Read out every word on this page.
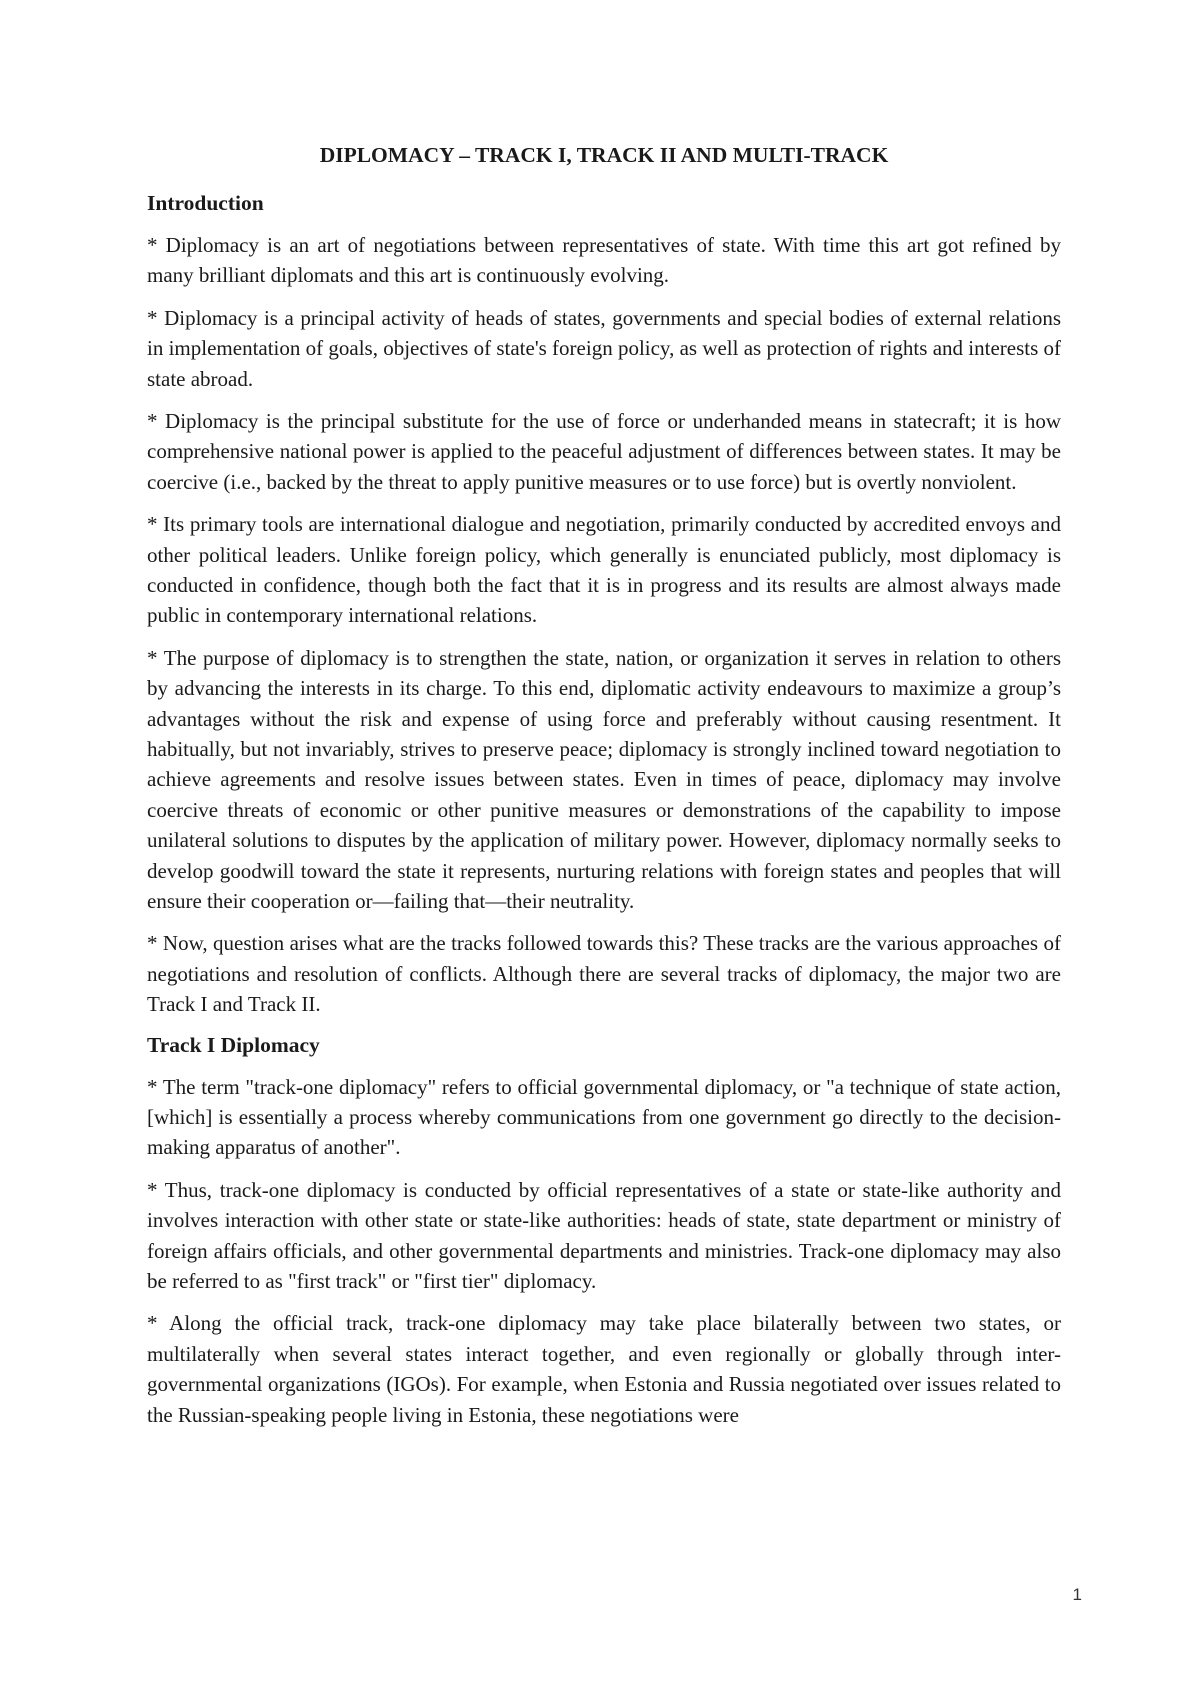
DIPLOMACY – TRACK I, TRACK II AND MULTI-TRACK
Introduction

* Diplomacy is an art of negotiations between representatives of state. With time this art got refined by many brilliant diplomats and this art is continuously evolving.

* Diplomacy is a principal activity of heads of states, governments and special bodies of external relations in implementation of goals, objectives of state's foreign policy, as well as protection of rights and interests of state abroad.

* Diplomacy is the principal substitute for the use of force or underhanded means in statecraft; it is how comprehensive national power is applied to the peaceful adjustment of differences between states. It may be coercive (i.e., backed by the threat to apply punitive measures or to use force) but is overtly nonviolent.

* Its primary tools are international dialogue and negotiation, primarily conducted by accredited envoys and other political leaders. Unlike foreign policy, which generally is enunciated publicly, most diplomacy is conducted in confidence, though both the fact that it is in progress and its results are almost always made public in contemporary international relations.

* The purpose of diplomacy is to strengthen the state, nation, or organization it serves in relation to others by advancing the interests in its charge. To this end, diplomatic activity endeavours to maximize a group’s advantages without the risk and expense of using force and preferably without causing resentment. It habitually, but not invariably, strives to preserve peace; diplomacy is strongly inclined toward negotiation to achieve agreements and resolve issues between states. Even in times of peace, diplomacy may involve coercive threats of economic or other punitive measures or demonstrations of the capability to impose unilateral solutions to disputes by the application of military power. However, diplomacy normally seeks to develop goodwill toward the state it represents, nurturing relations with foreign states and peoples that will ensure their cooperation or—failing that—their neutrality.

* Now, question arises what are the tracks followed towards this? These tracks are the various approaches of negotiations and resolution of conflicts. Although there are several tracks of diplomacy, the major two are Track I and Track II.

Track I Diplomacy

* The term "track-one diplomacy" refers to official governmental diplomacy, or "a technique of state action, [which] is essentially a process whereby communications from one government go directly to the decision-making apparatus of another".

* Thus, track-one diplomacy is conducted by official representatives of a state or state-like authority and involves interaction with other state or state-like authorities: heads of state, state department or ministry of foreign affairs officials, and other governmental departments and ministries. Track-one diplomacy may also be referred to as "first track" or "first tier" diplomacy.

* Along the official track, track-one diplomacy may take place bilaterally between two states, or multilaterally when several states interact together, and even regionally or globally through inter-governmental organizations (IGOs). For example, when Estonia and Russia negotiated over issues related to the Russian-speaking people living in Estonia, these negotiations were

1
